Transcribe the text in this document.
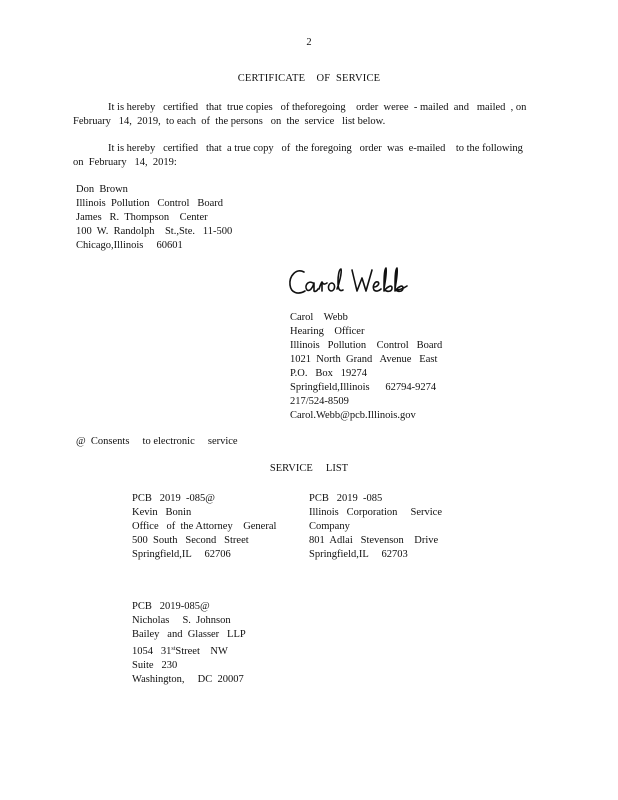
2
CERTIFICATE    OF  SERVICE
It is hereby   certified   that  true copies   of theforegoing    order  weree  - mailed  and   mailed  , on
February   14,  2019,  to each  of  the persons   on  the  service   list below.
It is hereby   certified   that  a true copy   of  the foregoing   order  was  e-mailed    to the following
on  February   14,  2019:
Don  Brown
Illinois  Pollution   Control   Board
James   R.  Thompson    Center
100  W.  Randolph    St.,Ste.   11-500
Chicago,Illinois     60601
Carol    Webb
Hearing    Officer
Illinois   Pollution    Control   Board
1021  North  Grand   Avenue   East
P.O.   Box   19274
Springfield,Illinois      62794-9274
217/524-8509
Carol.Webb@pcb.Illinois.gov
@  Consents     to electronic     service
SERVICE     LIST
PCB   2019  -085@
Kevin   Bonin
Office   of  the Attorney    General
500  South   Second   Street
Springfield,IL     62706
PCB   2019  -085
Illinois   Corporation     Service
Company
801  Adlai   Stevenson    Drive
Springfield,IL     62703
PCB   2019-085@
Nicholas     S.  Johnson
Bailey   and  Glasser   LLP
1054   31stStreet    NW
Suite   230
Washington,     DC  20007
